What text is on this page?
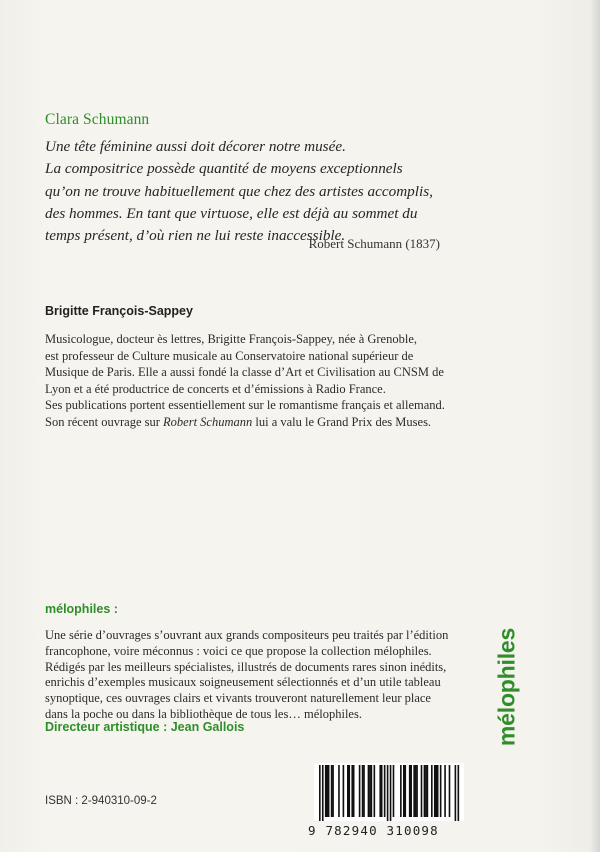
Clara Schumann
Une tête féminine aussi doit décorer notre musée.
La compositrice possède quantité de moyens exceptionnels
qu’on ne trouve habituellement que chez des artistes accomplis,
des hommes. En tant que virtuose, elle est déjà au sommet du
temps présent, d’où rien ne lui reste inaccessible.
Robert Schumann (1837)
Brigitte François-Sappey
Musicologue, docteur ès lettres, Brigitte François-Sappey, née à Grenoble,
est professeur de Culture musicale au Conservatoire national supérieur de
Musique de Paris. Elle a aussi fondé la classe d’Art et Civilisation au CNSM de
Lyon et a été productrice de concerts et d’émissions à Radio France.
Ses publications portent essentiellement sur le romantisme français et allemand.
Son récent ouvrage sur Robert Schumann lui a valu le Grand Prix des Muses.
mélophiles :
Une série d’ouvrages s’ouvrant aux grands compositeurs peu traités par l’édition
francophone, voire méconnus : voici ce que propose la collection mélophiles.
Rédigés par les meilleurs spécialistes, illustrés de documents rares sinon inédits,
enrichis d’exemples musicaux soigneusement sélectionnés et d’un utile tableau
synoptique, ces ouvrages clairs et vivants trouveront naturellement leur place
dans la poche ou dans la bibliothèque de tous les… mélophiles.
Directeur artistique : Jean Gallois	mélophiles
ISBN : 2-940310-09-2
9 782940 310098
